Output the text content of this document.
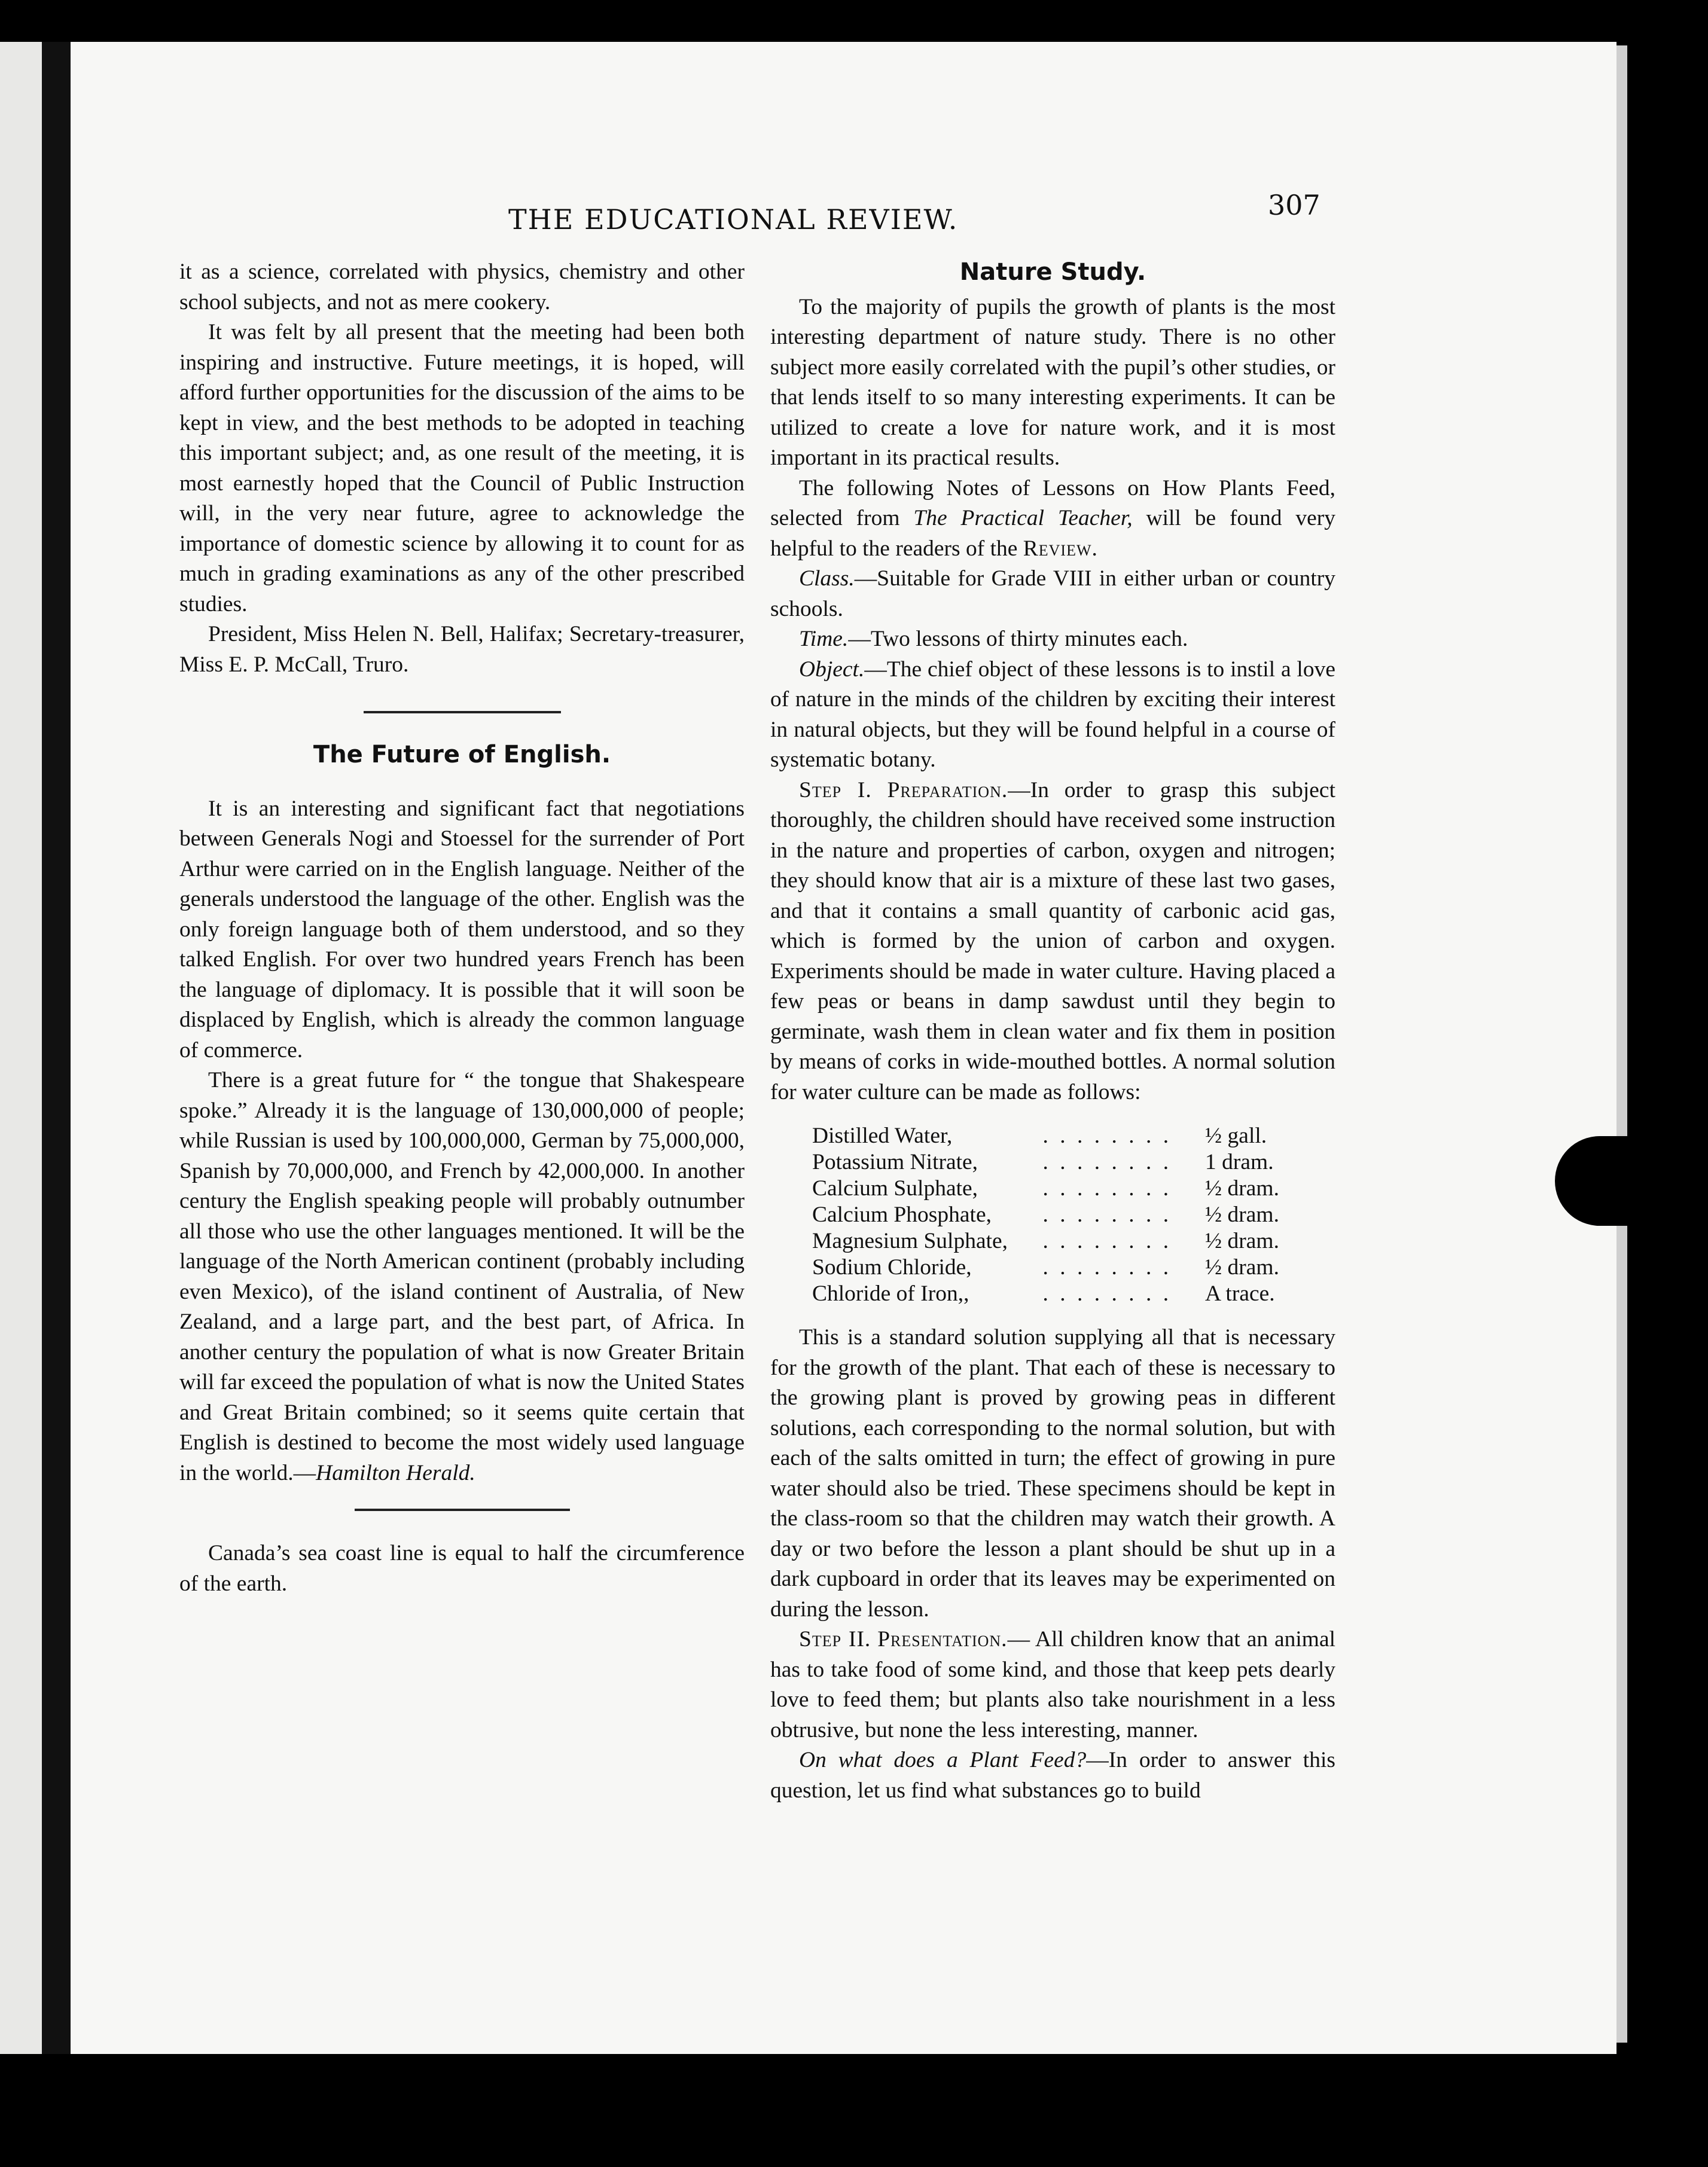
THE EDUCATIONAL REVIEW.	307

it as a science, correlated with physics, chemistry and other school subjects, and not as mere cookery.

It was felt by all present that the meeting had been both inspiring and instructive. Future meetings, it is hoped, will afford further opportunities for the discussion of the aims to be kept in view, and the best methods to be adopted in teaching this important subject; and, as one result of the meeting, it is most earnestly hoped that the Council of Public Instruction will, in the very near future, agree to acknowledge the importance of domestic science by allowing it to count for as much in grading examinations as any of the other prescribed studies.

President, Miss Helen N. Bell, Halifax; Secretary-treasurer, Miss E. P. McCall, Truro.

The Future of English.

It is an interesting and significant fact that negotiations between Generals Nogi and Stoessel for the surrender of Port Arthur were carried on in the English language. Neither of the generals understood the language of the other. English was the only foreign language both of them understood, and so they talked English. For over two hundred years French has been the language of diplomacy. It is possible that it will soon be displaced by English, which is already the common language of commerce.

There is a great future for “ the tongue that Shakespeare spoke.” Already it is the language of 130,000,000 of people; while Russian is used by 100,000,000, German by 75,000,000, Spanish by 70,000,000, and French by 42,000,000. In another century the English speaking people will probably outnumber all those who use the other languages mentioned. It will be the language of the North American continent (probably including even Mexico), of the island continent of Australia, of New Zealand, and a large part, and the best part, of Africa. In another century the population of what is now Greater Britain will far exceed the population of what is now the United States and Great Britain combined; so it seems quite certain that English is destined to become the most widely used language in the world.—Hamilton Herald.

Canada’s sea coast line is equal to half the circumference of the earth.

Nature Study.

To the majority of pupils the growth of plants is the most interesting department of nature study. There is no other subject more easily correlated with the pupil’s other studies, or that lends itself to so many interesting experiments. It can be utilized to create a love for nature work, and it is most important in its practical results.

The following Notes of Lessons on How Plants Feed, selected from The Practical Teacher, will be found very helpful to the readers of the Review.

Class.—Suitable for Grade VIII in either urban or country schools.

Time.—Two lessons of thirty minutes each.

Object.—The chief object of these lessons is to instil a love of nature in the minds of the children by exciting their interest in natural objects, but they will be found helpful in a course of systematic botany.

Step I. Preparation.—In order to grasp this subject thoroughly, the children should have received some instruction in the nature and properties of carbon, oxygen and nitrogen; they should know that air is a mixture of these last two gases, and that it contains a small quantity of carbonic acid gas, which is formed by the union of carbon and oxygen. Experiments should be made in water culture. Having placed a few peas or beans in damp sawdust until they begin to germinate, wash them in clean water and fix them in position by means of corks in wide-mouthed bottles. A normal solution for water culture can be made as follows:

Distilled Water,	. . . . . . . .	½ gall.
Potassium Nitrate,	. . . . . . . .	1 dram.
Calcium Sulphate,	. . . . . . . .	½ dram.
Calcium Phosphate,	. . . . . . . .	½ dram.
Magnesium Sulphate,	. . . . . . . .	½ dram.
Sodium Chloride,	. . . . . . . .	½ dram.
Chloride of Iron,,	. . . . . . . .	A trace.

This is a standard solution supplying all that is necessary for the growth of the plant. That each of these is necessary to the growing plant is proved by growing peas in different solutions, each corresponding to the normal solution, but with each of the salts omitted in turn; the effect of growing in pure water should also be tried. These specimens should be kept in the class-room so that the children may watch their growth. A day or two before the lesson a plant should be shut up in a dark cupboard in order that its leaves may be experimented on during the lesson.

Step II. Presentation.— All children know that an animal has to take food of some kind, and those that keep pets dearly love to feed them; but plants also take nourishment in a less obtrusive, but none the less interesting, manner.

On what does a Plant Feed?—In order to answer this question, let us find what substances go to build
